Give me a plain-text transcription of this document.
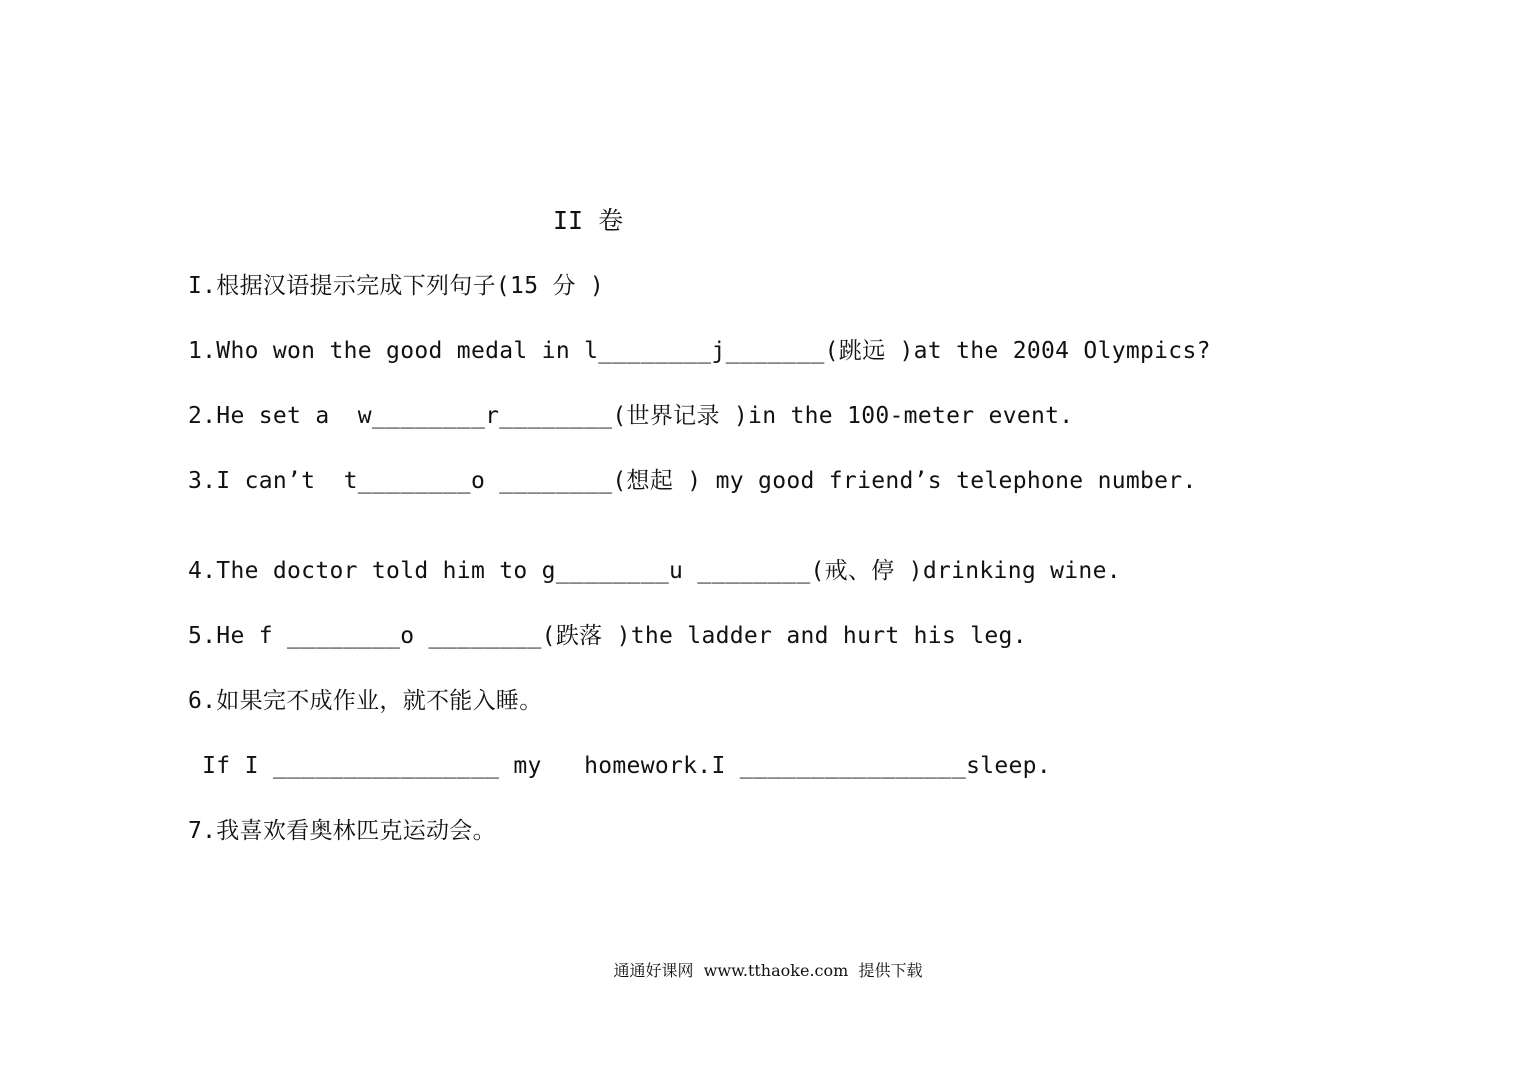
II 卷
I.根据汉语提示完成下列句子(15 分 )
1.Who won the good medal in l________j_______(跳远 )at the 2004 Olympics?
2.He set a  w________r________(世界记录 )in the 100-meter event.
3.I can’t  t________o ________(想起 ) my good friend’s telephone number.
4.The doctor told him to g________u ________(戒、停 )drinking wine.
5.He f ________o ________(跌落 )the ladder and hurt his leg.
6.如果完不成作业，就不能入睡。
If I ________________ my   homework.I ________________sleep.
7.我喜欢看奥林匹克运动会。
通通好课网  www.tthaoke.com  提供下载
